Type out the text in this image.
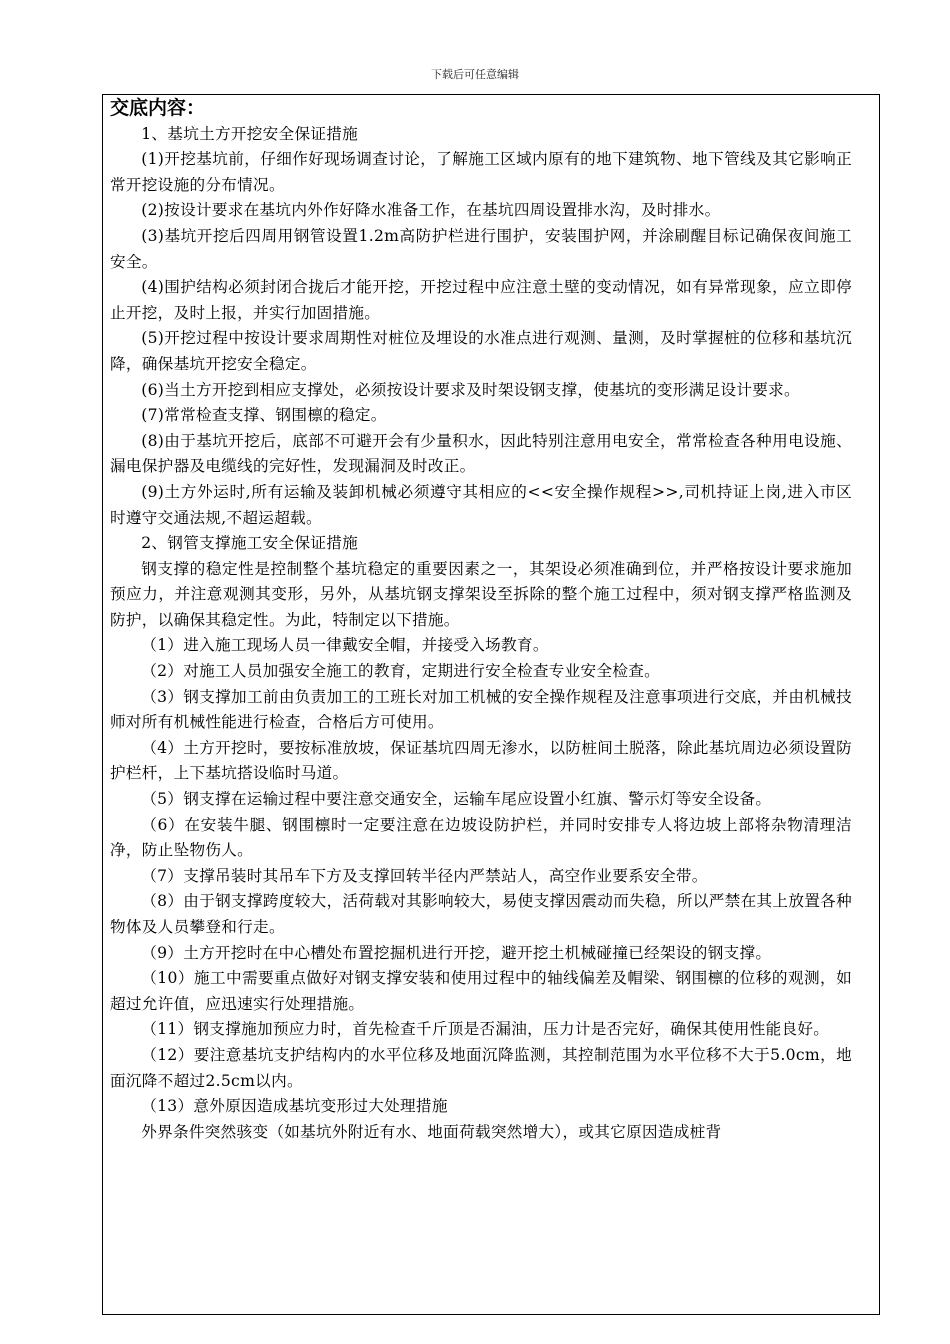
下载后可任意编辑
交底内容：

1、基坑土方开挖安全保证措施

(1)开挖基坑前，仔细作好现场调查讨论，了解施工区域内原有的地下建筑物、地下管线及其它影响正常开挖设施的分布情况。

(2)按设计要求在基坑内外作好降水准备工作，在基坑四周设置排水沟，及时排水。

(3)基坑开挖后四周用钢管设置1.2m高防护栏进行围护，安装围护网，并涂刷醒目标记确保夜间施工安全。

(4)围护结构必须封闭合拢后才能开挖，开挖过程中应注意土壁的变动情况，如有异常现象，应立即停止开挖，及时上报，并实行加固措施。

(5)开挖过程中按设计要求周期性对桩位及埋设的水准点进行观测、量测，及时掌握桩的位移和基坑沉降，确保基坑开挖安全稳定。

(6)当土方开挖到相应支撑处，必须按设计要求及时架设钢支撑，使基坑的变形满足设计要求。

(7)常常检查支撑、钢围檩的稳定。

(8)由于基坑开挖后，底部不可避开会有少量积水，因此特别注意用电安全，常常检查各种用电设施、漏电保护器及电缆线的完好性，发现漏洞及时改正。

(9)土方外运时,所有运输及装卸机械必须遵守其相应的<<安全操作规程>>,司机持证上岗,进入市区时遵守交通法规,不超运超载。

2、钢管支撑施工安全保证措施

钢支撑的稳定性是控制整个基坑稳定的重要因素之一，其架设必须准确到位，并严格按设计要求施加预应力，并注意观测其变形，另外，从基坑钢支撑架设至拆除的整个施工过程中，须对钢支撑严格监测及防护，以确保其稳定性。为此，特制定以下措施。

（1）进入施工现场人员一律戴安全帽，并接受入场教育。

（2）对施工人员加强安全施工的教育，定期进行安全检查专业安全检查。

（3）钢支撑加工前由负责加工的工班长对加工机械的安全操作规程及注意事项进行交底，并由机械技师对所有机械性能进行检查，合格后方可使用。

（4）土方开挖时，要按标准放坡，保证基坑四周无渗水，以防桩间土脱落，除此基坑周边必须设置防护栏杆，上下基坑搭设临时马道。

（5）钢支撑在运输过程中要注意交通安全，运输车尾应设置小红旗、警示灯等安全设备。

（6）在安装牛腿、钢围檩时一定要注意在边坡设防护栏，并同时安排专人将边坡上部将杂物清理洁净，防止坠物伤人。

（7）支撑吊装时其吊车下方及支撑回转半径内严禁站人，高空作业要系安全带。

（8）由于钢支撑跨度较大，活荷载对其影响较大，易使支撑因震动而失稳，所以严禁在其上放置各种物体及人员攀登和行走。

（9）土方开挖时在中心槽处布置挖掘机进行开挖，避开挖土机械碰撞已经架设的钢支撑。

（10）施工中需要重点做好对钢支撑安装和使用过程中的轴线偏差及帽梁、钢围檩的位移的观测，如超过允许值，应迅速实行处理措施。

（11）钢支撑施加预应力时，首先检查千斤顶是否漏油，压力计是否完好，确保其使用性能良好。

（12）要注意基坑支护结构内的水平位移及地面沉降监测，其控制范围为水平位移不大于5.0cm，地面沉降不超过2.5cm以内。

（13）意外原因造成基坑变形过大处理措施

外界条件突然骇变（如基坑外附近有水、地面荷载突然增大），或其它原因造成桩背
